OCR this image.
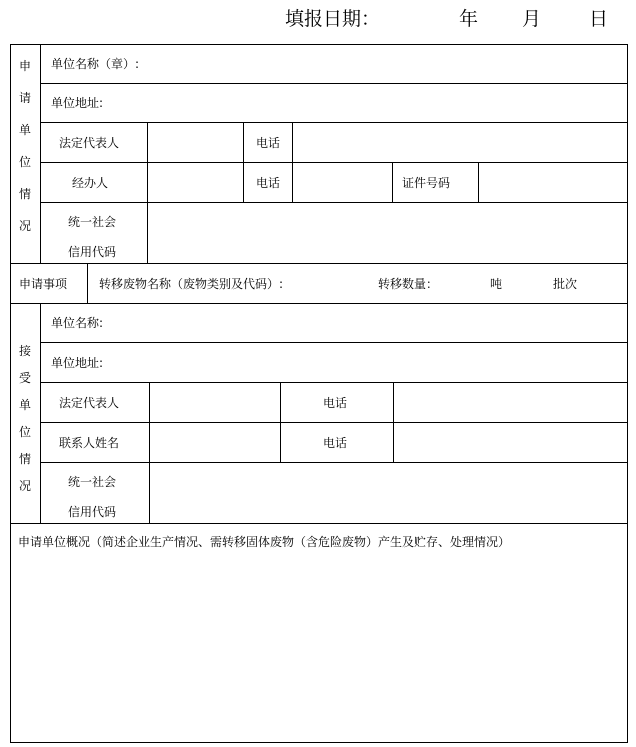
填报日期：	年 月	日
申
请
单
位
情
况
单位名称（章）:
单位地址:
法定代表人	电话
经办人	电话	证件号码
统一社会
信用代码
申请事项	转移废物名称（废物类别及代码）:	转移数量：	吨	批次
接
受
单
位
情
况
单位名称:
单位地址:
法定代表人	电话
联系人姓名	电话
统一社会
信用代码
申请单位概况（简述企业生产情况、需转移固体废物（含危险废物）产生及贮存、处理情况）
